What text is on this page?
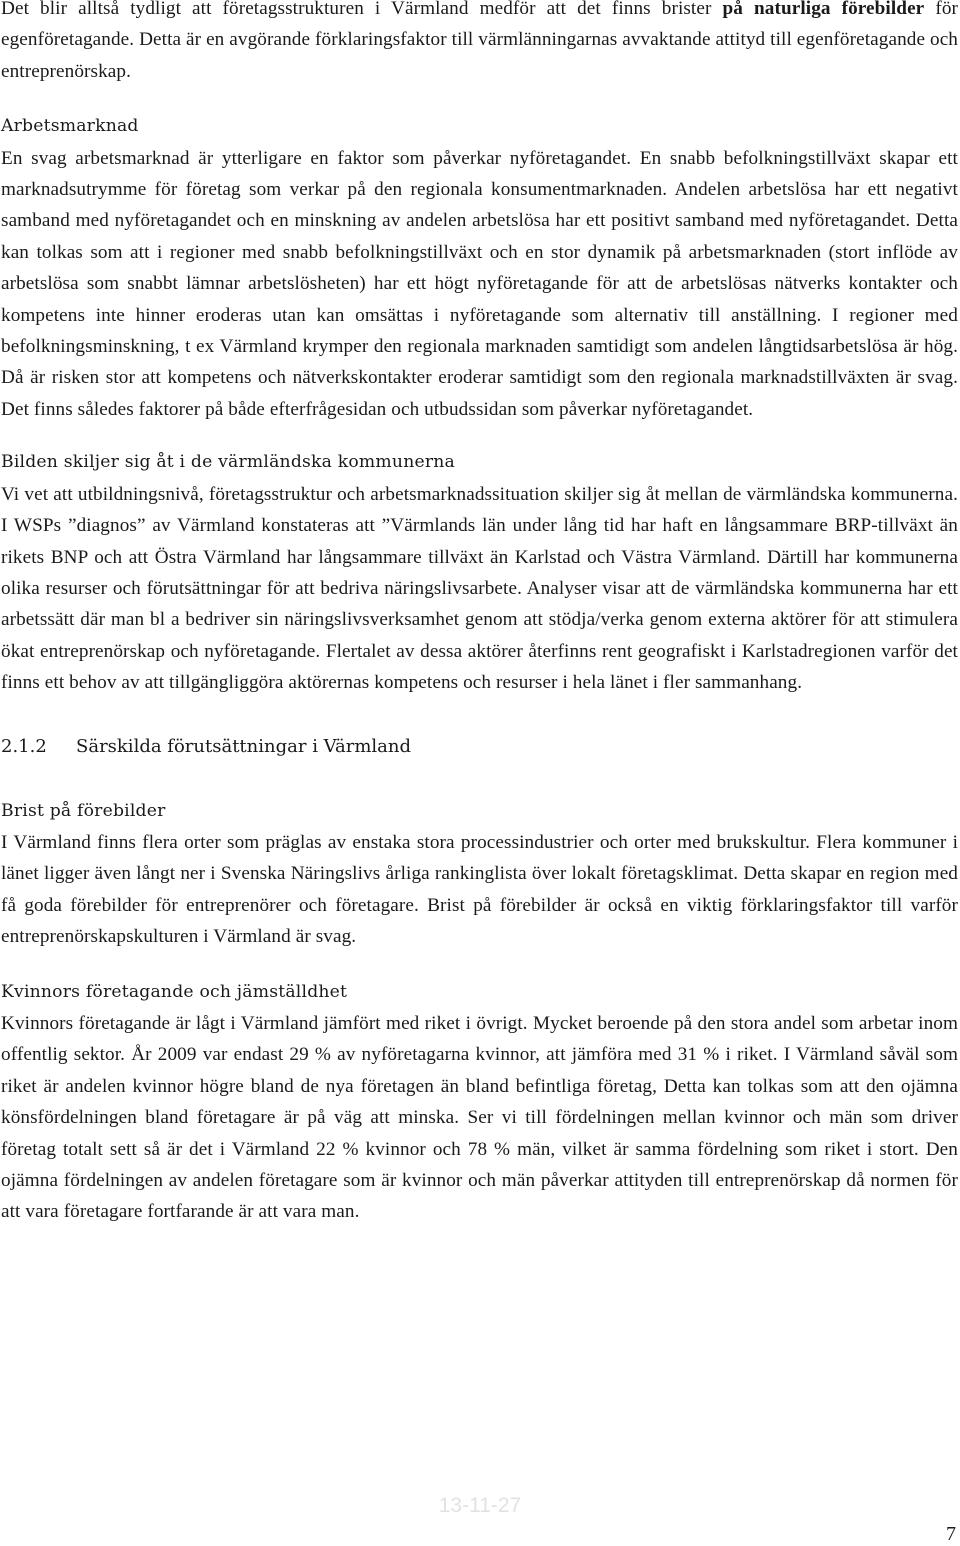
Det blir alltså tydligt att företagsstrukturen i Värmland medför att det finns brister på naturliga förebilder för egenföretagande. Detta är en avgörande förklaringsfaktor till värmlänningarnas avvaktande attityd till egenföretagande och entreprenörskap.

Arbetsmarknad

En svag arbetsmarknad är ytterligare en faktor som påverkar nyföretagandet. En snabb befolkningstillväxt skapar ett marknadsutrymme för företag som verkar på den regionala konsumentmarknaden. Andelen arbetslösa har ett negativt samband med nyföretagandet och en minskning av andelen arbetslösa har ett positivt samband med nyföretagandet. Detta kan tolkas som att i regioner med snabb befolkningstillväxt och en stor dynamik på arbetsmarknaden (stort inflöde av arbetslösa som snabbt lämnar arbetslösheten) har ett högt nyföretagande för att de arbetslösas nätverks kontakter och kompetens inte hinner eroderas utan kan omsättas i nyföretagande som alternativ till anställning. I regioner med befolkningsminskning, t ex Värmland krymper den regionala marknaden samtidigt som andelen långtidsarbetslösa är hög. Då är risken stor att kompetens och nätverkskontakter eroderar samtidigt som den regionala marknadstillväxten är svag. Det finns således faktorer på både efterfrågesidan och utbudssidan som påverkar nyföretagandet.

Bilden skiljer sig åt i de värmländska kommunerna

Vi vet att utbildningsnivå, företagsstruktur och arbetsmarknadssituation skiljer sig åt mellan de värmländska kommunerna. I WSPs ”diagnos” av Värmland konstateras att ”Värmlands län under lång tid har haft en långsammare BRP-tillväxt än rikets BNP och att Östra Värmland har långsammare tillväxt än Karlstad och Västra Värmland. Därtill har kommunerna olika resurser och förutsättningar för att bedriva näringslivsarbete. Analyser visar att de värmländska kommunerna har ett arbetssätt där man bl a bedriver sin näringslivsverksamhet genom att stödja/verka genom externa aktörer för att stimulera ökat entreprenörskap och nyföretagande. Flertalet av dessa aktörer återfinns rent geografiskt i Karlstadregionen varför det finns ett behov av att tillgängliggöra aktörernas kompetens och resurser i hela länet i fler sammanhang.

2.1.2 Särskilda förutsättningar i Värmland
Brist på förebilder

I Värmland finns flera orter som präglas av enstaka stora processindustrier och orter med brukskultur. Flera kommuner i länet ligger även långt ner i Svenska Näringslivs årliga rankinglista över lokalt företagsklimat. Detta skapar en region med få goda förebilder för entreprenörer och företagare. Brist på förebilder är också en viktig förklaringsfaktor till varför entreprenörskapskulturen i Värmland är svag.

Kvinnors företagande och jämställdhet

Kvinnors företagande är lågt i Värmland jämfört med riket i övrigt. Mycket beroende på den stora andel som arbetar inom offentlig sektor. År 2009 var endast 29 % av nyföretagarna kvinnor, att jämföra med 31 % i riket. I Värmland såväl som riket är andelen kvinnor högre bland de nya företagen än bland befintliga företag, Detta kan tolkas som att den ojämna könsfördelningen bland företagare är på väg att minska. Ser vi till fördelningen mellan kvinnor och män som driver företag totalt sett så är det i Värmland 22 % kvinnor och 78 % män, vilket är samma fördelning som riket i stort. Den ojämna fördelningen av andelen företagare som är kvinnor och män påverkar attityden till entreprenörskap då normen för att vara företagare fortfarande är att vara man.

13-11-27
7
